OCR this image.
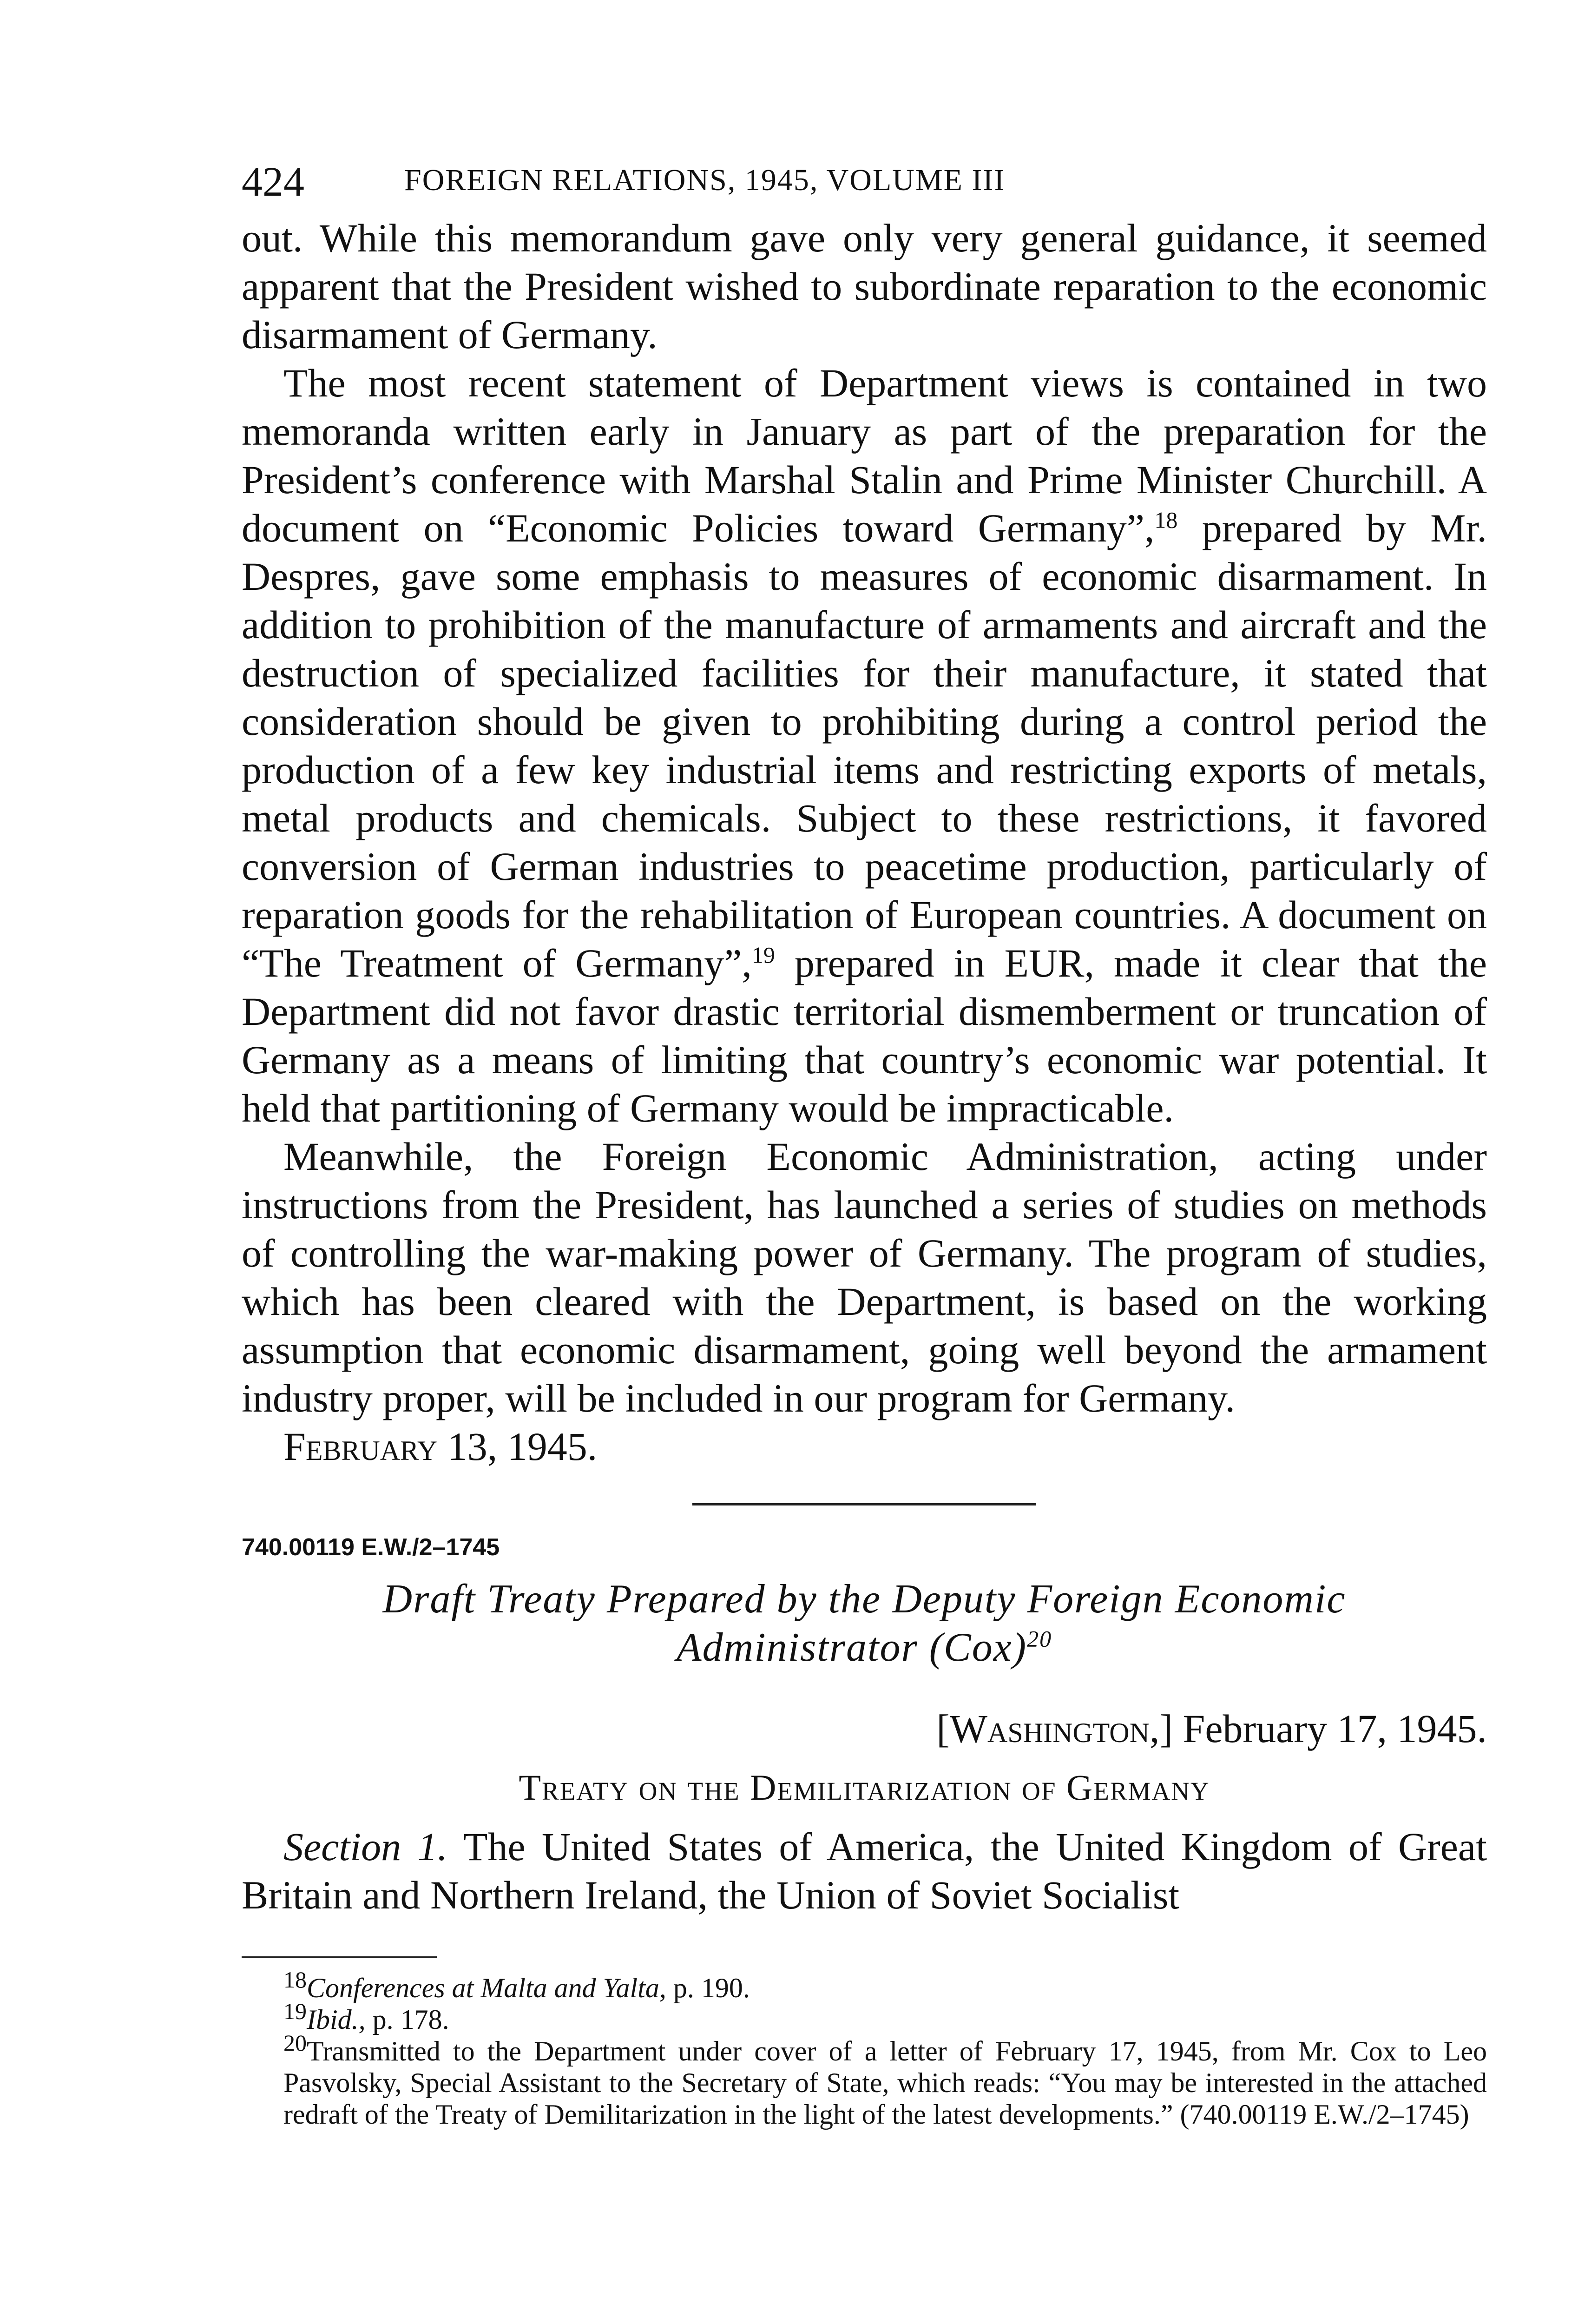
424	FOREIGN RELATIONS, 1945, VOLUME III

out. While this memorandum gave only very general guidance, it seemed apparent that the President wished to subordinate reparation to the economic disarmament of Germany.

The most recent statement of Department views is contained in two memoranda written early in January as part of the preparation for the President’s conference with Marshal Stalin and Prime Minister Churchill. A document on “Economic Policies toward Germany”,$^{18}$ prepared by Mr. Despres, gave some emphasis to measures of economic disarmament. In addition to prohibition of the manufacture of armaments and aircraft and the destruction of specialized facilities for their manufacture, it stated that consideration should be given to prohibiting during a control period the production of a few key industrial items and restricting exports of metals, metal products and chemicals. Subject to these restrictions, it favored conversion of German industries to peacetime production, particularly of reparation goods for the rehabilitation of European countries. A document on “The Treatment of Germany”,$^{19}$ prepared in EUR, made it clear that the Department did not favor drastic territorial dismemberment or truncation of Germany as a means of limiting that country’s economic war potential. It held that partitioning of Germany would be impracticable.

Meanwhile, the Foreign Economic Administration, acting under instructions from the President, has launched a series of studies on methods of controlling the war-making power of Germany. The program of studies, which has been cleared with the Department, is based on the working assumption that economic disarmament, going well beyond the armament industry proper, will be included in our program for Germany.

February 13, 1945.

740.00119 E.W./2–1745

Draft Treaty Prepared by the Deputy Foreign Economic

Administrator (Cox)$^{20}$

[Washington,] February 17, 1945.

Treaty on the Demilitarization of Germany

Section 1. The United States of America, the United Kingdom of Great Britain and Northern Ireland, the Union of Soviet Socialist

$^{18}$Conferences at Malta and Yalta, p. 190.

$^{19}$Ibid., p. 178.

$^{20}$Transmitted to the Department under cover of a letter of February 17, 1945, from Mr. Cox to Leo Pasvolsky, Special Assistant to the Secretary of State, which reads: “You may be interested in the attached redraft of the Treaty of Demilitarization in the light of the latest developments.” (740.00119 E.W./2–1745)
